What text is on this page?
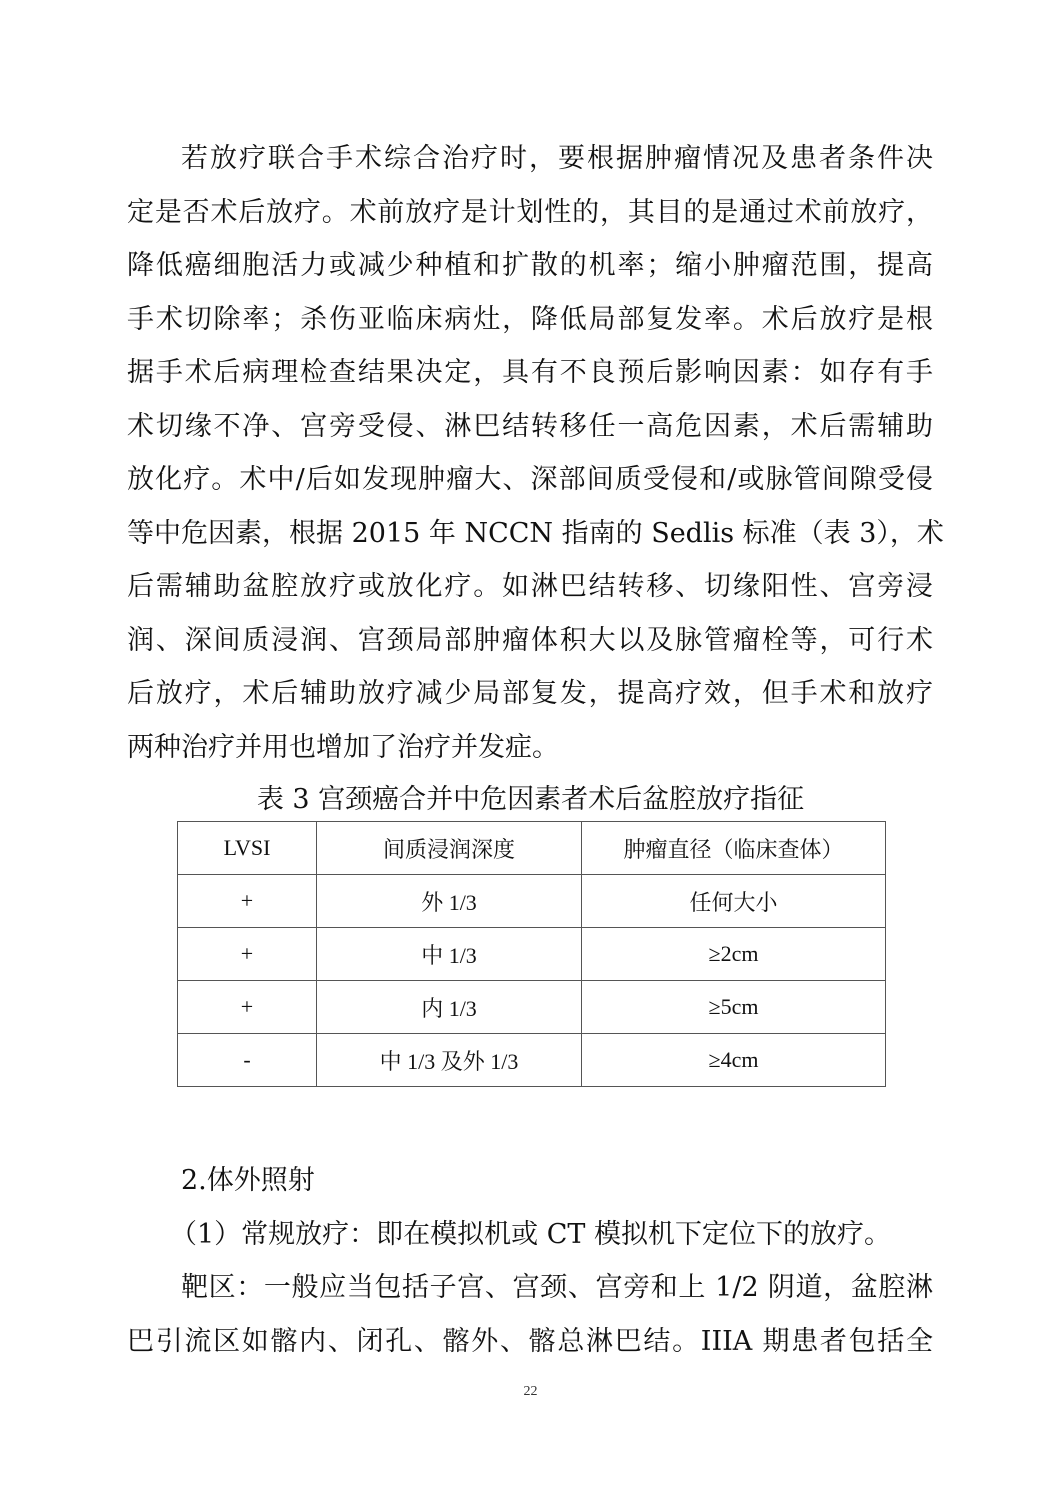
若放疗联合手术综合治疗时，要根据肿瘤情况及患者条件决
定是否术后放疗。术前放疗是计划性的，其目的是通过术前放疗，
降低癌细胞活力或减少种植和扩散的机率；缩小肿瘤范围，提高
手术切除率；杀伤亚临床病灶，降低局部复发率。术后放疗是根
据手术后病理检查结果决定，具有不良预后影响因素：如存有手
术切缘不净、宫旁受侵、淋巴结转移任一高危因素，术后需辅助
放化疗。术中/后如发现肿瘤大、深部间质受侵和/或脉管间隙受侵
等中危因素，根据 2015 年 NCCN 指南的 Sedlis 标准（表 3），术
后需辅助盆腔放疗或放化疗。如淋巴结转移、切缘阳性、宫旁浸
润、深间质浸润、宫颈局部肿瘤体积大以及脉管瘤栓等，可行术
后放疗，术后辅助放疗减少局部复发，提高疗效，但手术和放疗
两种治疗并用也增加了治疗并发症。
表 3 宫颈癌合并中危因素者术后盆腔放疗指征
LVSI	间质浸润深度	肿瘤直径（临床查体）
+	外 1/3	任何大小
+	中 1/3	≥2cm
+	内 1/3	≥5cm
-	中 1/3 及外 1/3	≥4cm
2.体外照射
（1）常规放疗：即在模拟机或 CT 模拟机下定位下的放疗。
靶区：一般应当包括子宫、宫颈、宫旁和上 1/2 阴道，盆腔淋
巴引流区如髂内、闭孔、髂外、髂总淋巴结。IIIA 期患者包括全
22
